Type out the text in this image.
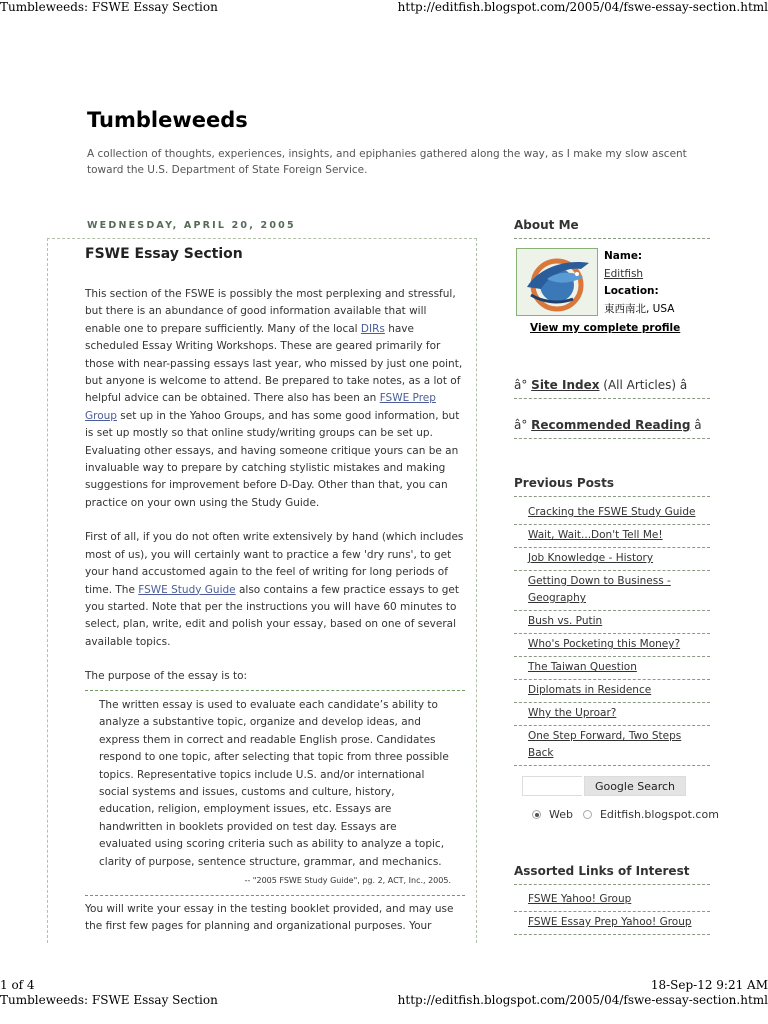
Tumbleweeds: FSWE Essay Section	http://editfish.blogspot.com/2005/04/fswe-essay-section.html
1 of 4	18-Sep-12 9:21 AM
Tumbleweeds: FSWE Essay Section	http://editfish.blogspot.com/2005/04/fswe-essay-section.html
Tumbleweeds
A collection of thoughts, experiences, insights, and epiphanies gathered along the way, as I make my slow ascent toward the U.S. Department of State Foreign Service.
WEDNESDAY, APRIL 20, 2005
FSWE Essay Section

This section of the FSWE is possibly the most perplexing and stressful, but there is an abundance of good information available that will enable one to prepare sufficiently. Many of the local DIRs have scheduled Essay Writing Workshops. These are geared primarily for those with near-passing essays last year, who missed by just one point, but anyone is welcome to attend. Be prepared to take notes, as a lot of helpful advice can be obtained. There also has been an FSWE Prep Group set up in the Yahoo Groups, and has some good information, but is set up mostly so that online study/writing groups can be set up. Evaluating other essays, and having someone critique yours can be an invaluable way to prepare by catching stylistic mistakes and making suggestions for improvement before D-Day. Other than that, you can practice on your own using the Study Guide.

First of all, if you do not often write extensively by hand (which includes most of us), you will certainly want to practice a few 'dry runs', to get your hand accustomed again to the feel of writing for long periods of time. The FSWE Study Guide also contains a few practice essays to get you started. Note that per the instructions you will have 60 minutes to select, plan, write, edit and polish your essay, based on one of several available topics.

The purpose of the essay is to:

The written essay is used to evaluate each candidate’s ability to analyze a substantive topic, organize and develop ideas, and express them in correct and readable English prose. Candidates respond to one topic, after selecting that topic from three possible topics. Representative topics include U.S. and/or international social systems and issues, customs and culture, history, education, religion, employment issues, etc. Essays are handwritten in booklets provided on test day. Essays are evaluated using scoring criteria such as ability to analyze a topic, clarity of purpose, sentence structure, grammar, and mechanics.
-- "2005 FSWE Study Guide", pg. 2, ACT, Inc., 2005.
You will write your essay in the testing booklet provided, and may use the first few pages for planning and organizational purposes. Your
About Me
Name:
Editfish
Location:
東西南北, USA
View my complete profile
â° Site Index (All Articles) â
â° Recommended Reading â
Previous Posts
Cracking the FSWE Study Guide
Wait, Wait...Don't Tell Me!
Job Knowledge - History
Getting Down to Business - Geography
Bush vs. Putin
Who's Pocketing this Money?
The Taiwan Question
Diplomats in Residence
Why the Uproar?
One Step Forward, Two Steps Back
Google Search
Web Editfish.blogspot.com
Assorted Links of Interest
FSWE Yahoo! Group
FSWE Essay Prep Yahoo! Group
